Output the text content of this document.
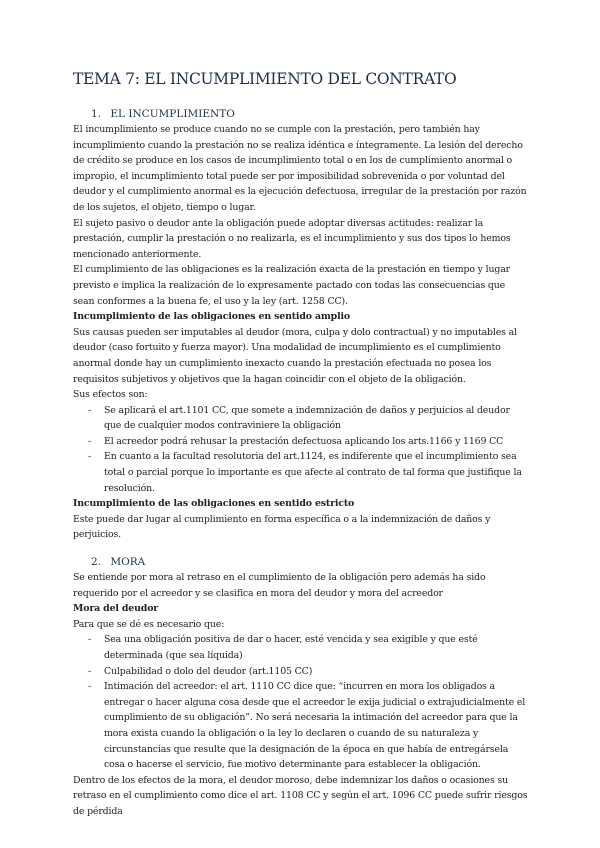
TEMA 7: EL INCUMPLIMIENTO DEL CONTRATO
1. EL INCUMPLIMIENTO

El incumplimiento se produce cuando no se cumple con la prestación, pero también hay incumplimiento cuando la prestación no se realiza idéntica e íntegramente. La lesión del derecho de crédito se produce en los casos de incumplimiento total o en los de cumplimiento anormal o impropio, el incumplimiento total puede ser por imposibilidad sobrevenida o por voluntad del deudor y el cumplimiento anormal es la ejecución defectuosa, irregular de la prestación por razón de los sujetos, el objeto, tiempo o lugar.

El sujeto pasivo o deudor ante la obligación puede adoptar diversas actitudes: realizar la prestación, cumplir la prestación o no realizarla, es el incumplimiento y sus dos tipos lo hemos mencionado anteriormente.

El cumplimiento de las obligaciones es la realización exacta de la prestación en tiempo y lugar previsto e implica la realización de lo expresamente pactado con todas las consecuencias que sean conformes a la buena fe, el uso y la ley (art. 1258 CC).

Incumplimiento de las obligaciones en sentido amplio

Sus causas pueden ser imputables al deudor (mora, culpa y dolo contractual) y no imputables al deudor (caso fortuito y fuerza mayor). Una modalidad de incumplimiento es el cumplimiento anormal donde hay un cumplimiento inexacto cuando la prestación efectuada no posea los requisitos subjetivos y objetivos que la hagan coincidir con el objeto de la obligación.

Sus efectos son:

- Se aplicará el art.1101 CC, que somete a indemnización de daños y perjuicios al deudor que de cualquier modos contraviniere la obligación
- El acreedor podrá rehusar la prestación defectuosa aplicando los arts.1166 y 1169 CC
- En cuanto a la facultad resolutoria del art.1124, es indiferente que el incumplimiento sea total o parcial porque lo importante es que afecte al contrato de tal forma que justifique la resolución.

Incumplimiento de las obligaciones en sentido estricto

Este puede dar lugar al cumplimiento en forma específica o a la indemnización de daños y perjuicios.

2. MORA

Se entiende por mora al retraso en el cumplimiento de la obligación pero además ha sido requerido por el acreedor y se clasifica en mora del deudor y mora del acreedor

Mora del deudor

Para que se dé es necesario que:

- Sea una obligación positiva de dar o hacer, esté vencida y sea exigible y que esté determinada (que sea líquida)
- Culpabilidad o dolo del deudor (art.1105 CC)
- Intimación del acreedor: el art. 1110 CC dice que: “incurren en mora los obligados a entregar o hacer alguna cosa desde que el acreedor le exija judicial o extrajudicialmente el cumplimiento de su obligación”. No será necesaria la intimación del acreedor para que la mora exista cuando la obligación o la ley lo declaren o cuando de su naturaleza y circunstancias que resulte que la designación de la época en que había de entregársela cosa o hacerse el servicio, fue motivo determinante para establecer la obligación.

Dentro de los efectos de la mora, el deudor moroso, debe indemnizar los daños o ocasiones su retraso en el cumplimiento como dice el art. 1108 CC y según el art. 1096 CC puede sufrir riesgos de pérdida
